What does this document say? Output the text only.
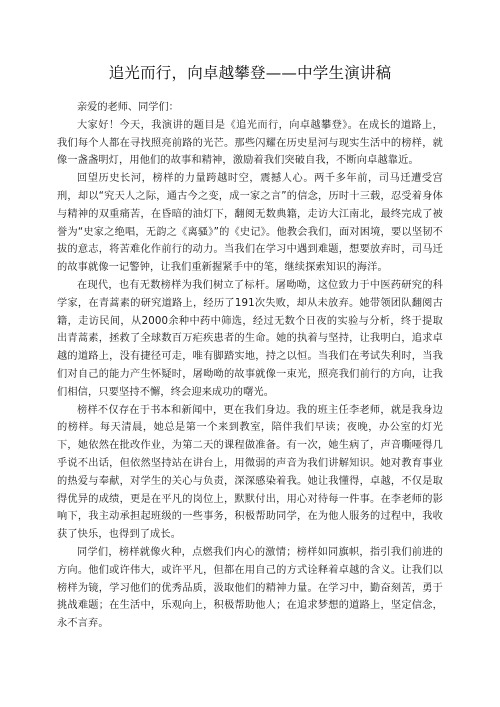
追光而行，向卓越攀登——中学生演讲稿

亲爱的老师、同学们：

大家好！今天，我演讲的题目是《追光而行，向卓越攀登》。在成长的道路上，我们每个人都在寻找照亮前路的光芒。那些闪耀在历史星河与现实生活中的榜样，就像一盏盏明灯，用他们的故事和精神，激励着我们突破自我，不断向卓越靠近。

回望历史长河，榜样的力量跨越时空，震撼人心。两千多年前，司马迁遭受宫刑，却以“究天人之际，通古今之变，成一家之言”的信念，历时十三载，忍受着身体与精神的双重痛苦，在昏暗的油灯下，翻阅无数典籍，走访大江南北，最终完成了被誉为“史家之绝唱，无韵之《离骚》”的《史记》。他教会我们，面对困境，要以坚韧不拔的意志，将苦难化作前行的动力。当我们在学习中遇到难题，想要放弃时，司马迁的故事就像一记警钟，让我们重新握紧手中的笔，继续探索知识的海洋。

在现代，也有无数榜样为我们树立了标杆。屠呦呦，这位致力于中医药研究的科学家，在青蒿素的研究道路上，经历了191次失败，却从未放弃。她带领团队翻阅古籍，走访民间，从2000余种中药中筛选，经过无数个日夜的实验与分析，终于提取出青蒿素，拯救了全球数百万疟疾患者的生命。她的执着与坚持，让我明白，追求卓越的道路上，没有捷径可走，唯有脚踏实地，持之以恒。当我们在考试失利时，当我们对自己的能力产生怀疑时，屠呦呦的故事就像一束光，照亮我们前行的方向，让我们相信，只要坚持不懈，终会迎来成功的曙光。

榜样不仅存在于书本和新闻中，更在我们身边。我的班主任李老师，就是我身边的榜样。每天清晨，她总是第一个来到教室，陪伴我们早读；夜晚，办公室的灯光下，她依然在批改作业，为第二天的课程做准备。有一次，她生病了，声音嘶哑得几乎说不出话，但依然坚持站在讲台上，用微弱的声音为我们讲解知识。她对教育事业的热爱与奉献，对学生的关心与负责，深深感染着我。她让我懂得，卓越，不仅是取得优异的成绩，更是在平凡的岗位上，默默付出，用心对待每一件事。在李老师的影响下，我主动承担起班级的一些事务，积极帮助同学，在为他人服务的过程中，我收获了快乐，也得到了成长。

同学们，榜样就像火种，点燃我们内心的激情；榜样如同旗帜，指引我们前进的方向。他们或许伟大，或许平凡，但都在用自己的方式诠释着卓越的含义。让我们以榜样为镜，学习他们的优秀品质，汲取他们的精神力量。在学习中，勤奋刻苦，勇于挑战难题；在生活中，乐观向上，积极帮助他人；在追求梦想的道路上，坚定信念，永不言弃。
